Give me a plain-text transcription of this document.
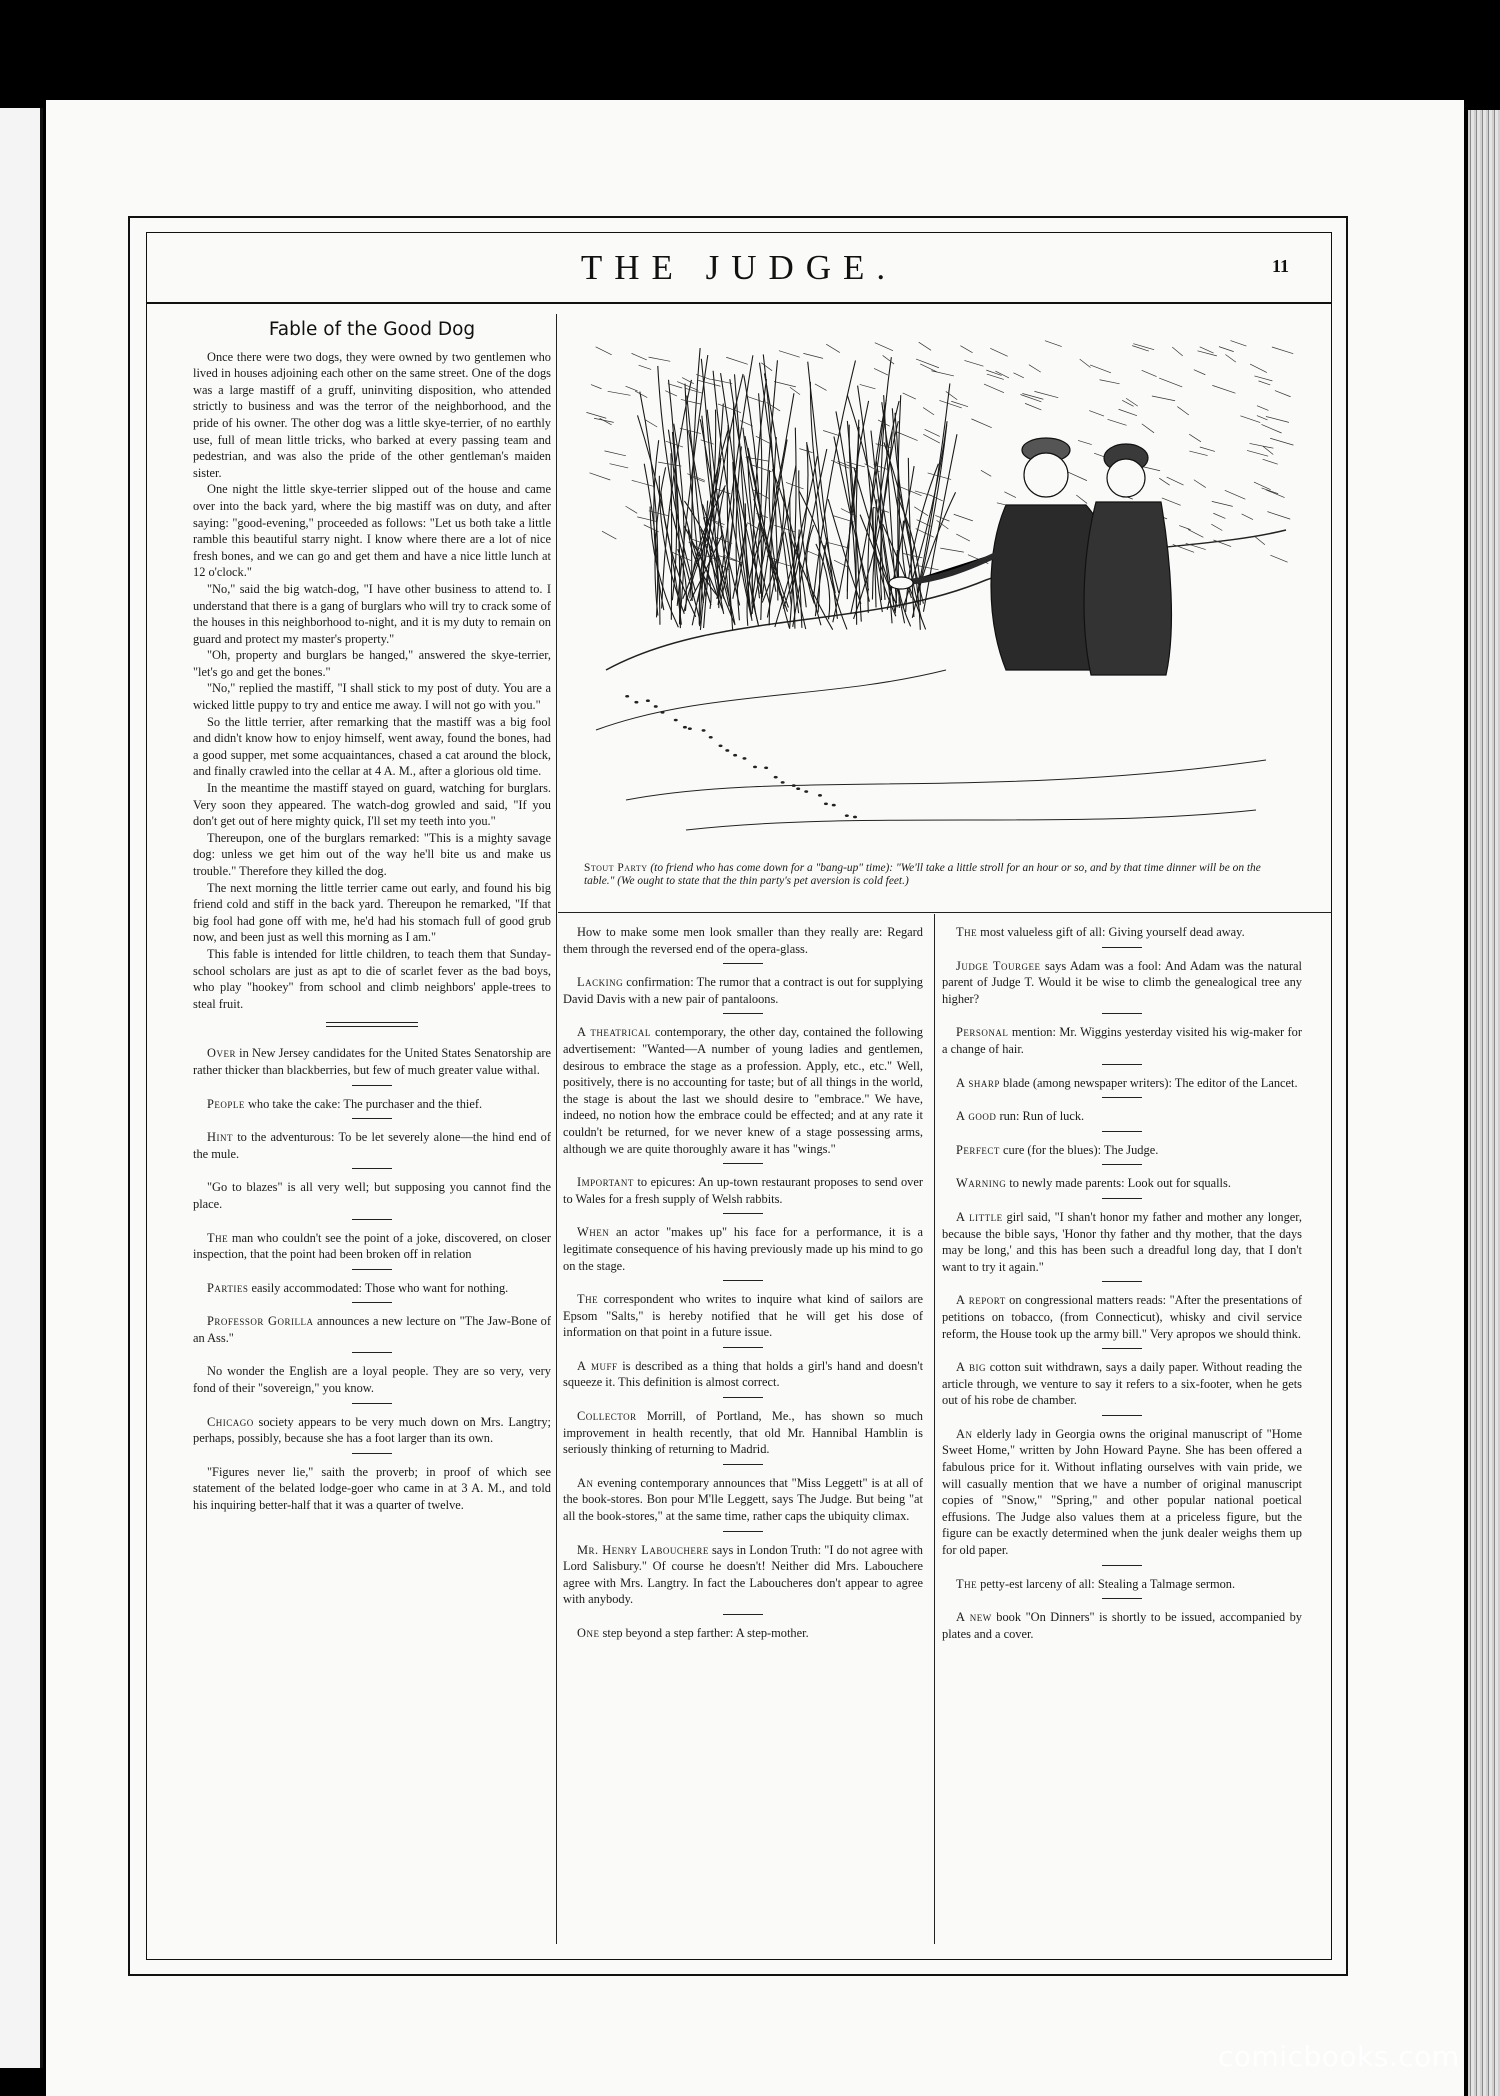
THE JUDGE.	11
Fable of the Good Dog

Once there were two dogs, they were owned by two gentlemen who lived in houses adjoining each other on the same street. One of the dogs was a large mastiff of a gruff, uninviting disposition, who attended strictly to business and was the terror of the neighborhood, and the pride of his owner. The other dog was a little skye-terrier, of no earthly use, full of mean little tricks, who barked at every passing team and pedestrian, and was also the pride of the other gentleman's maiden sister.

One night the little skye-terrier slipped out of the house and came over into the back yard, where the big mastiff was on duty, and after saying: "good-evening," proceeded as follows: "Let us both take a little ramble this beautiful starry night. I know where there are a lot of nice fresh bones, and we can go and get them and have a nice little lunch at 12 o'clock."

"No," said the big watch-dog, "I have other business to attend to. I understand that there is a gang of burglars who will try to crack some of the houses in this neighborhood to-night, and it is my duty to remain on guard and protect my master's property."

"Oh, property and burglars be hanged," answered the skye-terrier, "let's go and get the bones."

"No," replied the mastiff, "I shall stick to my post of duty. You are a wicked little puppy to try and entice me away. I will not go with you."

So the little terrier, after remarking that the mastiff was a big fool and didn't know how to enjoy himself, went away, found the bones, had a good supper, met some acquaintances, chased a cat around the block, and finally crawled into the cellar at 4 A. M., after a glorious old time.

In the meantime the mastiff stayed on guard, watching for burglars. Very soon they appeared. The watch-dog growled and said, "If you don't get out of here mighty quick, I'll set my teeth into you."

Thereupon, one of the burglars remarked: "This is a mighty savage dog: unless we get him out of the way he'll bite us and make us trouble." Therefore they killed the dog.

The next morning the little terrier came out early, and found his big friend cold and stiff in the back yard. Thereupon he remarked, "If that big fool had gone off with me, he'd had his stomach full of good grub now, and been just as well this morning as I am."

This fable is intended for little children, to teach them that Sunday-school scholars are just as apt to die of scarlet fever as the bad boys, who play "hookey" from school and climb neighbors' apple-trees to steal fruit.

Over in New Jersey candidates for the United States Senatorship are rather thicker than blackberries, but few of much greater value withal.

People who take the cake: The purchaser and the thief.

Hint to the adventurous: To be let severely alone—the hind end of the mule.

"Go to blazes" is all very well; but supposing you cannot find the place.

The man who couldn't see the point of a joke, discovered, on closer inspection, that the point had been broken off in relation

Parties easily accommodated: Those who want for nothing.

Professor Gorilla announces a new lecture on "The Jaw-Bone of an Ass."

No wonder the English are a loyal people. They are so very, very fond of their "sovereign," you know.

Chicago society appears to be very much down on Mrs. Langtry; perhaps, possibly, because she has a foot larger than its own.

"Figures never lie," saith the proverb; in proof of which see statement of the belated lodge-goer who came in at 3 A. M., and told his inquiring better-half that it was a quarter of twelve.

Stout Party (to friend who has come down for a "bang-up" time): "We'll take a little stroll for an hour or so, and by that time dinner will be on the table." (We ought to state that the thin party's pet aversion is cold feet.)

How to make some men look smaller than they really are: Regard them through the reversed end of the opera-glass.

Lacking confirmation: The rumor that a contract is out for supplying David Davis with a new pair of pantaloons.

A theatrical contemporary, the other day, contained the following advertisement: "Wanted—A number of young ladies and gentlemen, desirous to embrace the stage as a profession. Apply, etc., etc." Well, positively, there is no accounting for taste; but of all things in the world, the stage is about the last we should desire to "embrace." We have, indeed, no notion how the embrace could be effected; and at any rate it couldn't be returned, for we never knew of a stage possessing arms, although we are quite thoroughly aware it has "wings."

Important to epicures: An up-town restaurant proposes to send over to Wales for a fresh supply of Welsh rabbits.

When an actor "makes up" his face for a performance, it is a legitimate consequence of his having previously made up his mind to go on the stage.

The correspondent who writes to inquire what kind of sailors are Epsom "Salts," is hereby notified that he will get his dose of information on that point in a future issue.

A muff is described as a thing that holds a girl's hand and doesn't squeeze it. This definition is almost correct.

Collector Morrill, of Portland, Me., has shown so much improvement in health recently, that old Mr. Hannibal Hamblin is seriously thinking of returning to Madrid.

An evening contemporary announces that "Miss Leggett" is at all of the book-stores. Bon pour M'lle Leggett, says The Judge. But being "at all the book-stores," at the same time, rather caps the ubiquity climax.

Mr. Henry Labouchere says in London Truth: "I do not agree with Lord Salisbury." Of course he doesn't! Neither did Mrs. Labouchere agree with Mrs. Langtry. In fact the Laboucheres don't appear to agree with anybody.

One step beyond a step farther: A step-mother.

The most valueless gift of all: Giving yourself dead away.

Judge Tourgee says Adam was a fool: And Adam was the natural parent of Judge T. Would it be wise to climb the genealogical tree any higher?

Personal mention: Mr. Wiggins yesterday visited his wig-maker for a change of hair.

A sharp blade (among newspaper writers): The editor of the Lancet.

A good run: Run of luck.

Perfect cure (for the blues): The Judge.

Warning to newly made parents: Look out for squalls.

A little girl said, "I shan't honor my father and mother any longer, because the bible says, 'Honor thy father and thy mother, that the days may be long,' and this has been such a dreadful long day, that I don't want to try it again."

A report on congressional matters reads: "After the presentations of petitions on tobacco, (from Connecticut), whisky and civil service reform, the House took up the army bill." Very apropos we should think.

A big cotton suit withdrawn, says a daily paper. Without reading the article through, we venture to say it refers to a six-footer, when he gets out of his robe de chamber.

An elderly lady in Georgia owns the original manuscript of "Home Sweet Home," written by John Howard Payne. She has been offered a fabulous price for it. Without inflating ourselves with vain pride, we will casually mention that we have a number of original manuscript copies of "Snow," "Spring," and other popular national poetical effusions. The Judge also values them at a priceless figure, but the figure can be exactly determined when the junk dealer weighs them up for old paper.

The petty-est larceny of all: Stealing a Talmage sermon.

A new book "On Dinners" is shortly to be issued, accompanied by plates and a cover.

comicbooks.com
